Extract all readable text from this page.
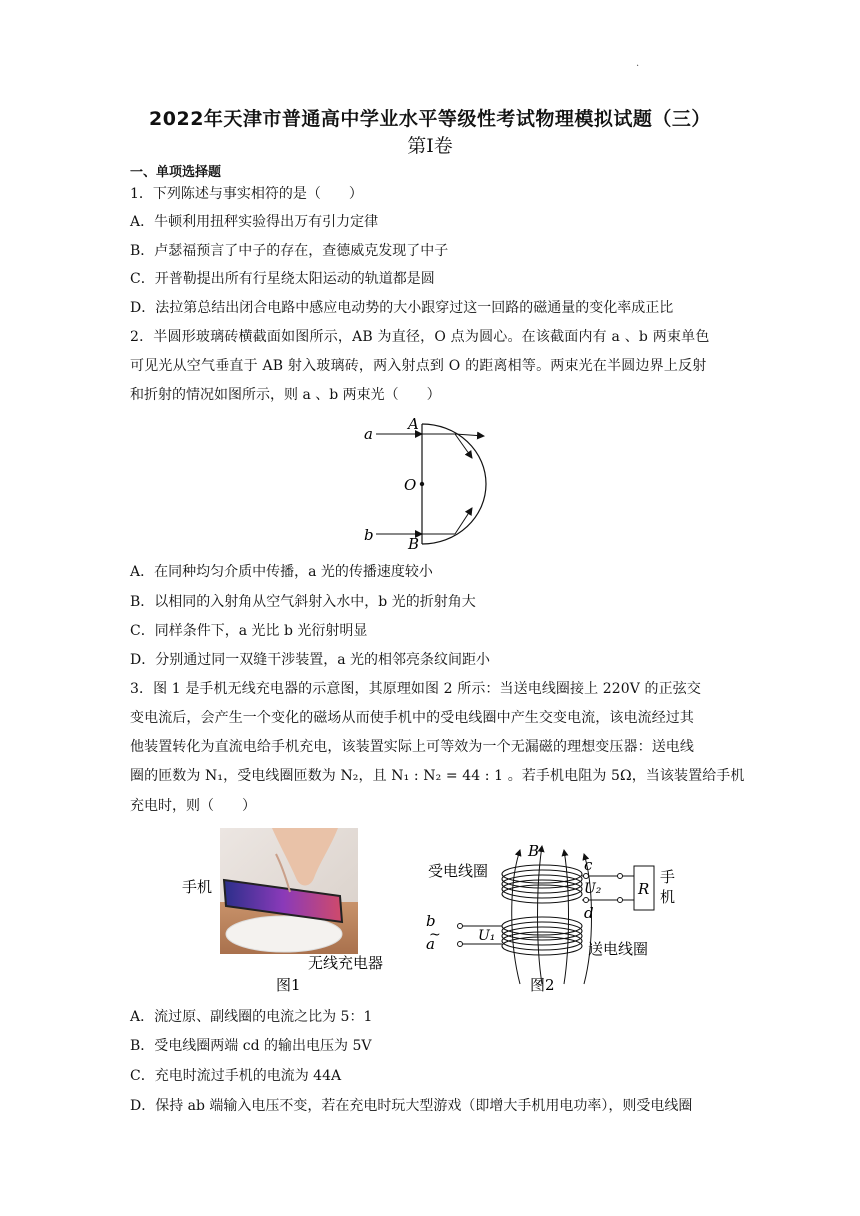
.
2022年天津市普通高中学业水平等级性考试物理模拟试题（三）
第Ⅰ卷
一、单项选择题
1．下列陈述与事实相符的是（　　）
A．牛顿利用扭秤实验得出万有引力定律
B．卢瑟福预言了中子的存在，查德威克发现了中子
C．开普勒提出所有行星绕太阳运动的轨道都是圆
D．法拉第总结出闭合电路中感应电动势的大小跟穿过这一回路的磁通量的变化率成正比
2．半圆形玻璃砖横截面如图所示，AB 为直径，O 点为圆心。在该截面内有 a 、b 两束单色
可见光从空气垂直于 AB 射入玻璃砖，两入射点到 O 的距离相等。两束光在半圆边界上反射
和折射的情况如图所示，则 a 、b 两束光（　　）
a
b
A
B
O
A．在同种均匀介质中传播，a 光的传播速度较小
B．以相同的入射角从空气斜射入水中，b 光的折射角大
C．同样条件下，a 光比 b 光衍射明显
D．分别通过同一双缝干涉装置，a 光的相邻亮条纹间距小
3．图 1 是手机无线充电器的示意图，其原理如图 2 所示：当送电线圈接上 220V 的正弦交
变电流后，会产生一个变化的磁场从而使手机中的受电线圈中产生交变电流，该电流经过其
他装置转化为直流电给手机充电，该装置实际上可等效为一个无漏磁的理想变压器：送电线
圈的匝数为 N₁，受电线圈匝数为 N₂，且 N₁ : N₂ = 44 : 1 。若手机电阻为 5Ω，当该装置给手机
充电时，则（　　）
手机
无线充电器
图1
受电线圈
送电线圈
B
c
d
U₂
U₁
b
a
~
R
手
机
图2
A．流过原、副线圈的电流之比为 5：1
B．受电线圈两端 cd 的输出电压为 5V
C．充电时流过手机的电流为 44A
D．保持 ab 端输入电压不变，若在充电时玩大型游戏（即增大手机用电功率），则受电线圈
